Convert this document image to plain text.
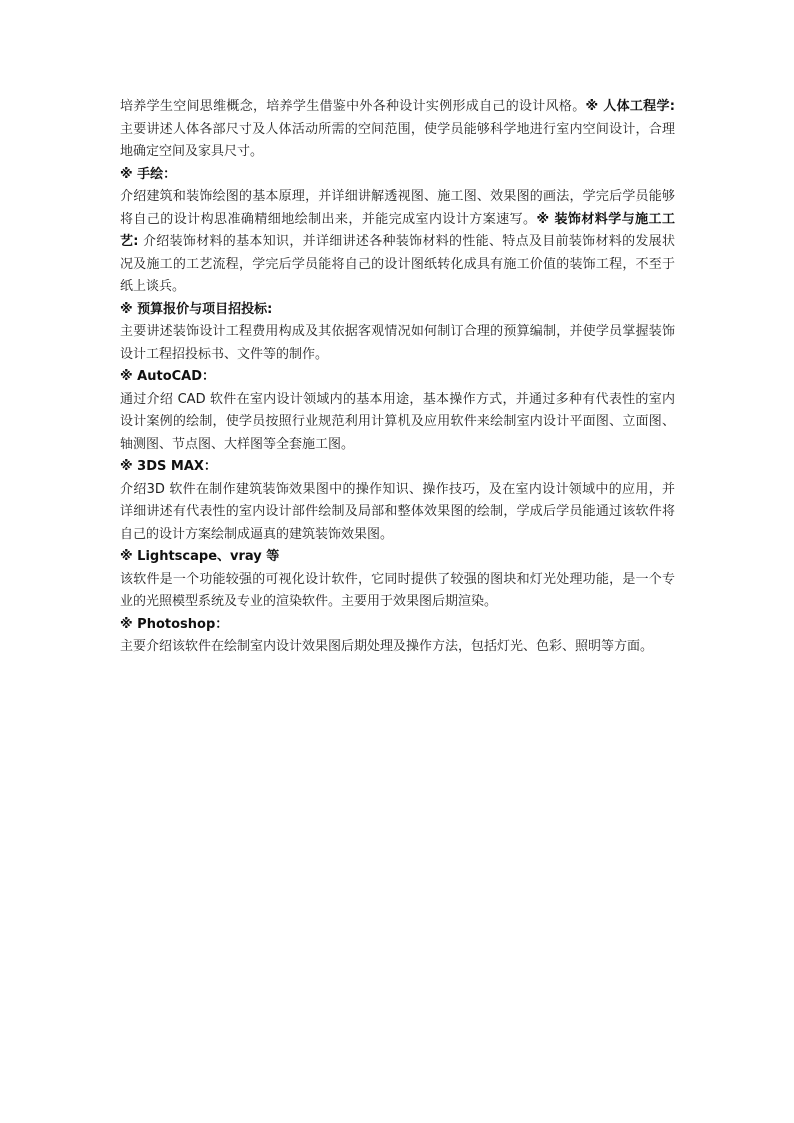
培养学生空间思维概念，培养学生借鉴中外各种设计实例形成自己的设计风格。※ 人体工程学: 主要讲述人体各部尺寸及人体活动所需的空间范围，使学员能够科学地进行室内空间设计，合理地确定空间及家具尺寸。

※ 手绘：

介绍建筑和装饰绘图的基本原理，并详细讲解透视图、施工图、效果图的画法，学完后学员能够将自己的设计构思准确精细地绘制出来，并能完成室内设计方案速写。※ 装饰材料学与施工工艺: 介绍装饰材料的基本知识，并详细讲述各种装饰材料的性能、特点及目前装饰材料的发展状况及施工的工艺流程，学完后学员能将自己的设计图纸转化成具有施工价值的装饰工程，不至于纸上谈兵。

※ 预算报价与项目招投标:

主要讲述装饰设计工程费用构成及其依据客观情况如何制订合理的预算编制，并使学员掌握装饰设计工程招投标书、文件等的制作。

※ AutoCAD：

通过介绍 CAD 软件在室内设计领域内的基本用途，基本操作方式，并通过多种有代表性的室内设计案例的绘制，使学员按照行业规范利用计算机及应用软件来绘制室内设计平面图、立面图、轴测图、节点图、大样图等全套施工图。

※ 3DS MAX：

介绍3D 软件在制作建筑装饰效果图中的操作知识、操作技巧，及在室内设计领域中的应用，并详细讲述有代表性的室内设计部件绘制及局部和整体效果图的绘制，学成后学员能通过该软件将自己的设计方案绘制成逼真的建筑装饰效果图。

※ Lightscape、vray 等

该软件是一个功能较强的可视化设计软件，它同时提供了较强的图块和灯光处理功能，是一个专业的光照模型系统及专业的渲染软件。主要用于效果图后期渲染。

※ Photoshop：

主要介绍该软件在绘制室内设计效果图后期处理及操作方法，包括灯光、色彩、照明等方面。
